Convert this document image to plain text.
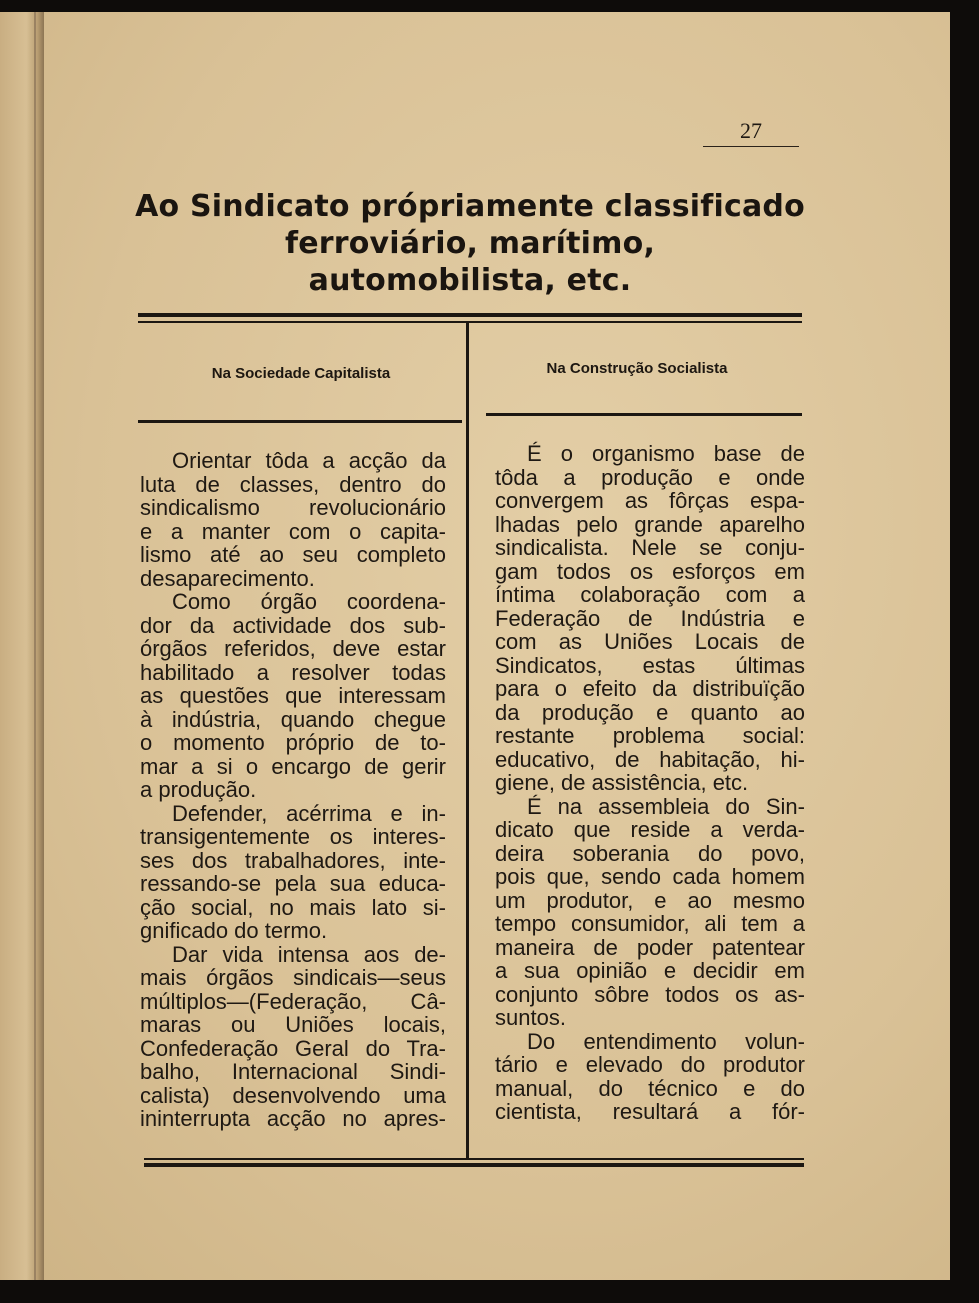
27
Ao Sindicato própriamente classificado
ferroviário, marítimo,
automobilista, etc.
Na Sociedade Capitalista	Na Construção Socialista
Orientar tôda a acção da
luta de classes, dentro do
sindicalismo revolucionário
e a manter com o capita-
lismo até ao seu completo
desaparecimento.
Como órgão coordena-
dor da actividade dos sub-
órgãos referidos, deve estar
habilitado a resolver todas
as questões que interessam
à indústria, quando chegue
o momento próprio de to-
mar a si o encargo de gerir
a produção.
Defender, acérrima e in-
transigentemente os interes-
ses dos trabalhadores, inte-
ressando-se pela sua educa-
ção social, no mais lato si-
gnificado do termo.
Dar vida intensa aos de-
mais órgãos sindicais—seus
múltiplos—(Federação, Câ-
maras ou Uniões locais,
Confederação Geral do Tra-
balho, Internacional Sindi-
calista) desenvolvendo uma
ininterrupta acção no apres-
É o organismo base de
tôda a produção e onde
convergem as fôrças espa-
lhadas pelo grande aparelho
sindicalista. Nele se conju-
gam todos os esforços em
íntima colaboração com a
Federação de Indústria e
com as Uniões Locais de
Sindicatos, estas últimas
para o efeito da distribuïção
da produção e quanto ao
restante problema social:
educativo, de habitação, hi-
giene, de assistência, etc.
É na assembleia do Sin-
dicato que reside a verda-
deira soberania do povo,
pois que, sendo cada homem
um produtor, e ao mesmo
tempo consumidor, ali tem a
maneira de poder patentear
a sua opinião e decidir em
conjunto sôbre todos os as-
suntos.
Do entendimento volun-
tário e elevado do produtor
manual, do técnico e do
cientista, resultará a fór-
